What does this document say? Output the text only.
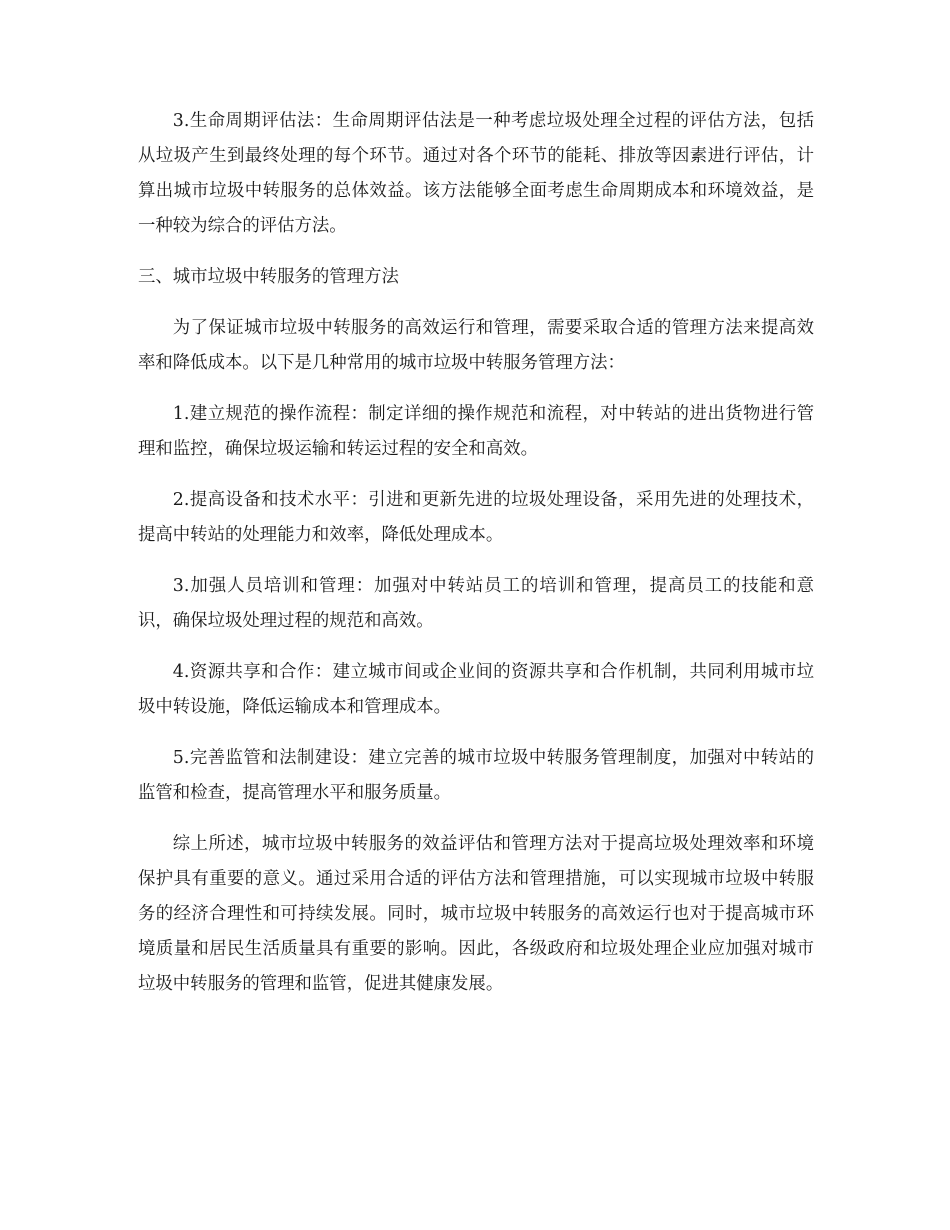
3.生命周期评估法：生命周期评估法是一种考虑垃圾处理全过程的评估方法，包括从垃圾产生到最终处理的每个环节。通过对各个环节的能耗、排放等因素进行评估，计算出城市垃圾中转服务的总体效益。该方法能够全面考虑生命周期成本和环境效益，是一种较为综合的评估方法。

三、城市垃圾中转服务的管理方法

为了保证城市垃圾中转服务的高效运行和管理，需要采取合适的管理方法来提高效率和降低成本。以下是几种常用的城市垃圾中转服务管理方法：

1.建立规范的操作流程：制定详细的操作规范和流程，对中转站的进出货物进行管理和监控，确保垃圾运输和转运过程的安全和高效。

2.提高设备和技术水平：引进和更新先进的垃圾处理设备，采用先进的处理技术，提高中转站的处理能力和效率，降低处理成本。

3.加强人员培训和管理：加强对中转站员工的培训和管理，提高员工的技能和意识，确保垃圾处理过程的规范和高效。

4.资源共享和合作：建立城市间或企业间的资源共享和合作机制，共同利用城市垃圾中转设施，降低运输成本和管理成本。

5.完善监管和法制建设：建立完善的城市垃圾中转服务管理制度，加强对中转站的监管和检查，提高管理水平和服务质量。

综上所述，城市垃圾中转服务的效益评估和管理方法对于提高垃圾处理效率和环境保护具有重要的意义。通过采用合适的评估方法和管理措施，可以实现城市垃圾中转服务的经济合理性和可持续发展。同时，城市垃圾中转服务的高效运行也对于提高城市环境质量和居民生活质量具有重要的影响。因此，各级政府和垃圾处理企业应加强对城市垃圾中转服务的管理和监管，促进其健康发展。
